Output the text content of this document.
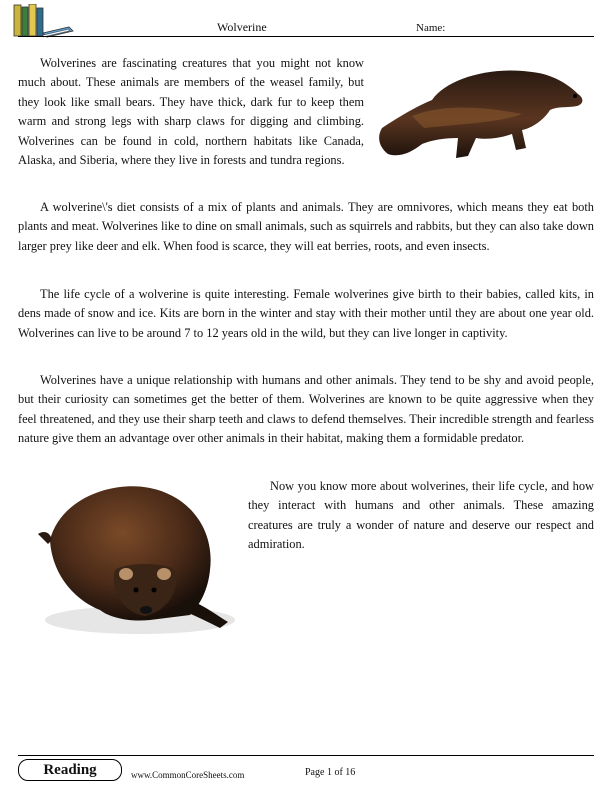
Wolverine	Name:

Wolverines are fascinating creatures that you might not know much about. These animals are members of the weasel family, but they look like small bears. They have thick, dark fur to keep them warm and strong legs with sharp claws for digging and climbing. Wolverines can be found in cold, northern habitats like Canada, Alaska, and Siberia, where they live in forests and tundra regions.

A wolverine\'s diet consists of a mix of plants and animals. They are omnivores, which means they eat both plants and meat. Wolverines like to dine on small animals, such as squirrels and rabbits, but they can also take down larger prey like deer and elk. When food is scarce, they will eat berries, roots, and even insects.

The life cycle of a wolverine is quite interesting. Female wolverines give birth to their babies, called kits, in dens made of snow and ice. Kits are born in the winter and stay with their mother until they are about one year old. Wolverines can live to be around 7 to 12 years old in the wild, but they can live longer in captivity.

Wolverines have a unique relationship with humans and other animals. They tend to be shy and avoid people, but their curiosity can sometimes get the better of them. Wolverines are known to be quite aggressive when they feel threatened, and they use their sharp teeth and claws to defend themselves. Their incredible strength and fearless nature give them an advantage over other animals in their habitat, making them a formidable predator.

Now you know more about wolverines, their life cycle, and how they interact with humans and other animals. These amazing creatures are truly a wonder of nature and deserve our respect and admiration.

Reading	www.CommonCoreSheets.com	Page 1 of 16
